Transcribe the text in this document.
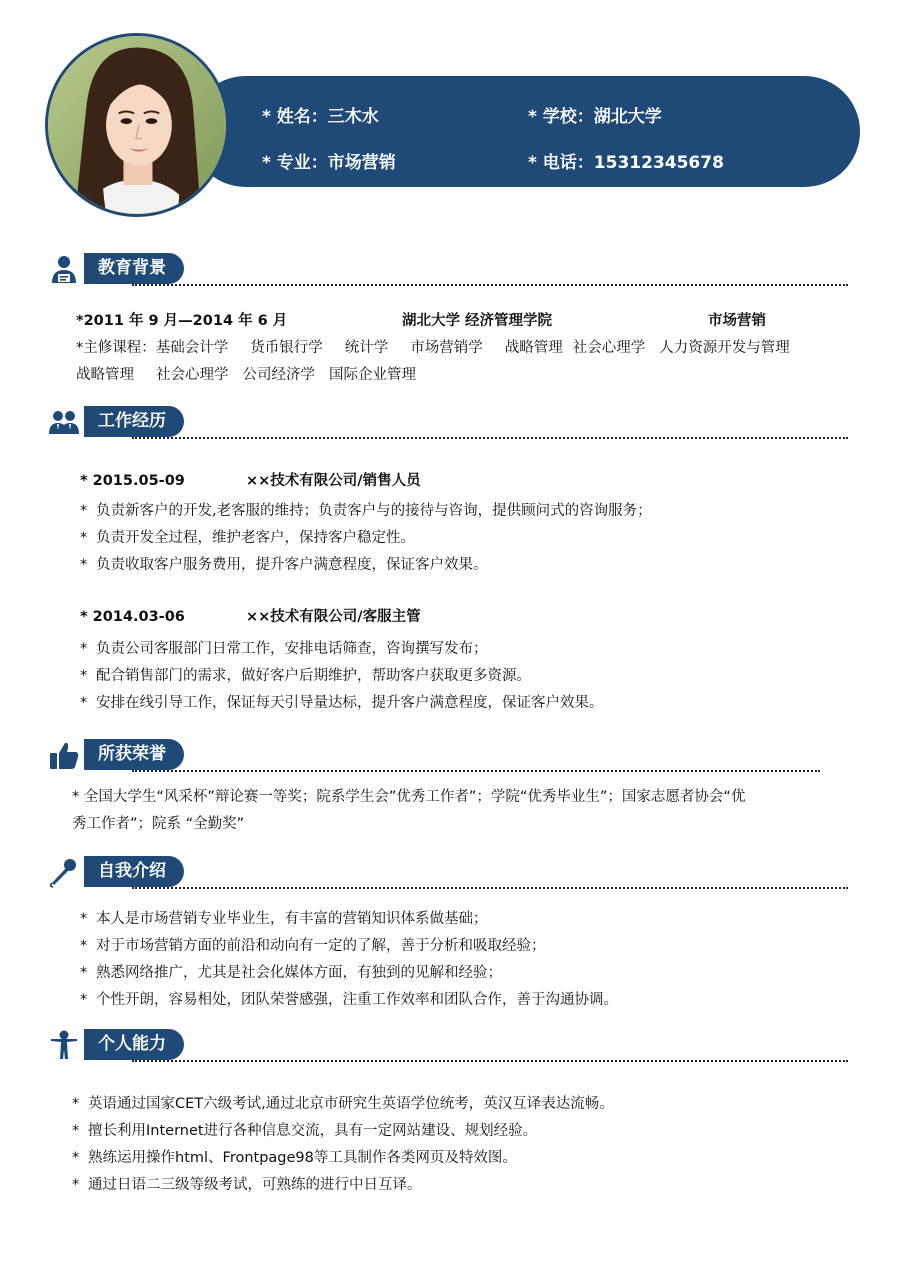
* 姓名：三木水	* 学校：湖北大学
* 专业：市场营销	* 电话：15312345678
教育背景
*2011 年 9 月—2014 年 6 月	湖北大学 经济管理学院	市场营销
*主修课程：基础会计学 货币银行学 统计学 市场营销学 战略管理 社会心理学 人力资源开发与管理
战略管理 社会心理学 公司经济学 国际企业管理
工作经历
* 2015.05-09	××技术有限公司/销售人员
* 负责新客户的开发,老客服的维持；负责客户与的接待与咨询，提供顾问式的咨询服务；
* 负责开发全过程，维护老客户，保持客户稳定性。
* 负责收取客户服务费用，提升客户满意程度，保证客户效果。
* 2014.03-06	××技术有限公司/客服主管
* 负责公司客服部门日常工作，安排电话筛查，咨询撰写发布；
* 配合销售部门的需求，做好客户后期维护，帮助客户获取更多资源。
* 安排在线引导工作，保证每天引导量达标，提升客户满意程度，保证客户效果。
所获荣誉
* 全国大学生“风采杯”辩论赛一等奖；院系学生会”优秀工作者”；学院“优秀毕业生”；国家志愿者协会“优
秀工作者”；院系 “全勤奖”
自我介绍
* 本人是市场营销专业毕业生，有丰富的营销知识体系做基础；
* 对于市场营销方面的前沿和动向有一定的了解，善于分析和吸取经验；
* 熟悉网络推广，尤其是社会化媒体方面，有独到的见解和经验；
* 个性开朗，容易相处，团队荣誉感强，注重工作效率和团队合作，善于沟通协调。
个人能力
* 英语通过国家CET六级考试,通过北京市研究生英语学位统考，英汉互译表达流畅。
* 擅长利用Internet进行各种信息交流，具有一定网站建设、规划经验。
* 熟练运用操作html、Frontpage98等工具制作各类网页及特效图。
* 通过日语二三级等级考试，可熟练的进行中日互译。
